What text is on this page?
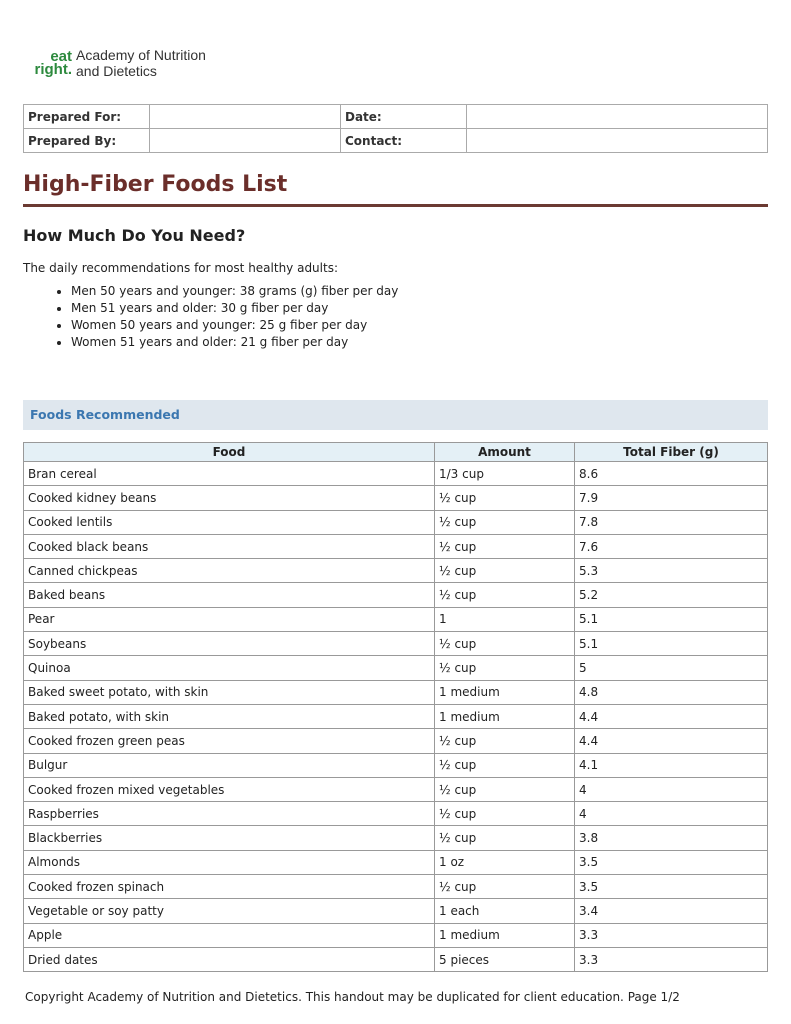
eat
right.
Academy of Nutrition
and Dietetics
Prepared For:		Date:	
Prepared By:		Contact:	
High-Fiber Foods List
How Much Do You Need?

The daily recommendations for most healthy adults:

• Men 50 years and younger: 38 grams (g) fiber per day
• Men 51 years and older: 30 g fiber per day
• Women 50 years and younger: 25 g fiber per day
• Women 51 years and older: 21 g fiber per day
Foods Recommended
Food	Amount	Total Fiber (g)
Bran cereal	1/3 cup	8.6
Cooked kidney beans	½ cup	7.9
Cooked lentils	½ cup	7.8
Cooked black beans	½ cup	7.6
Canned chickpeas	½ cup	5.3
Baked beans	½ cup	5.2
Pear	1	5.1
Soybeans	½ cup	5.1
Quinoa	½ cup	5
Baked sweet potato, with skin	1 medium	4.8
Baked potato, with skin	1 medium	4.4
Cooked frozen green peas	½ cup	4.4
Bulgur	½ cup	4.1
Cooked frozen mixed vegetables	½ cup	4
Raspberries	½ cup	4
Blackberries	½ cup	3.8
Almonds	1 oz	3.5
Cooked frozen spinach	½ cup	3.5
Vegetable or soy patty	1 each	3.4
Apple	1 medium	3.3
Dried dates	5 pieces	3.3
Copyright Academy of Nutrition and Dietetics. This handout may be duplicated for client education. Page 1/2
